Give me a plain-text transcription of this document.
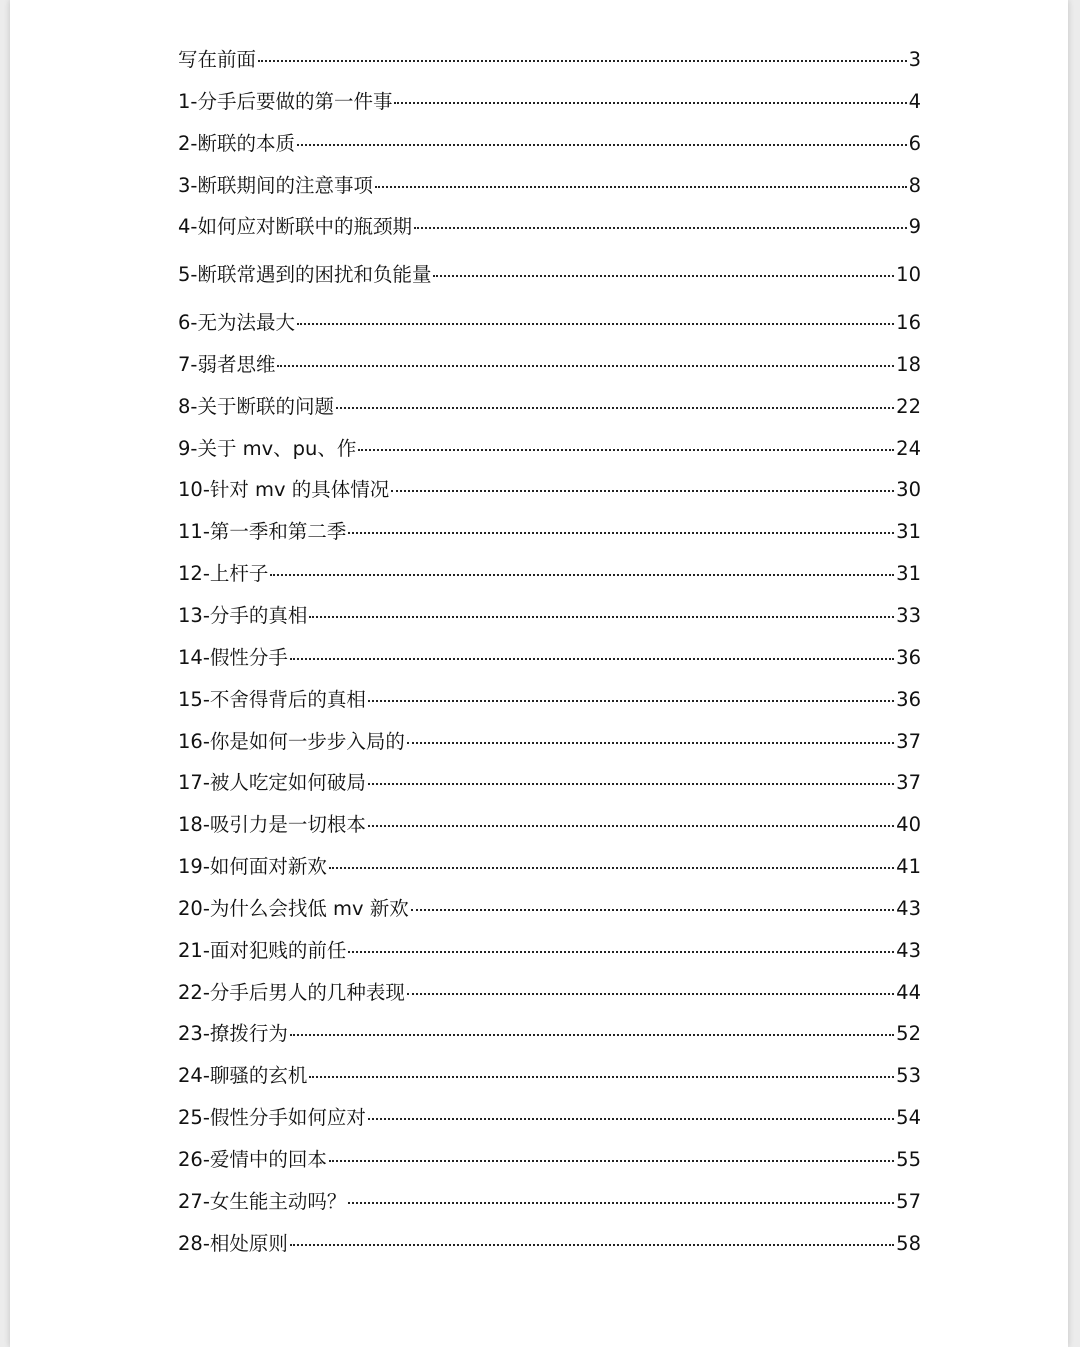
写在前面	3
1-分手后要做的第一件事	4
2-断联的本质	6
3-断联期间的注意事项	8
4-如何应对断联中的瓶颈期	9
5-断联常遇到的困扰和负能量	10
6-无为法最大	16
7-弱者思维	18
8-关于断联的问题	22
9-关于 mv、pu、作	24
10-针对 mv 的具体情况	30
11-第一季和第二季	31
12-上杆子	31
13-分手的真相	33
14-假性分手	36
15-不舍得背后的真相	36
16-你是如何一步步入局的	37
17-被人吃定如何破局	37
18-吸引力是一切根本	40
19-如何面对新欢	41
20-为什么会找低 mv 新欢	43
21-面对犯贱的前任	43
22-分手后男人的几种表现	44
23-撩拨行为	52
24-聊骚的玄机	53
25-假性分手如何应对	54
26-爱情中的回本	55
27-女生能主动吗？	57
28-相处原则	58
